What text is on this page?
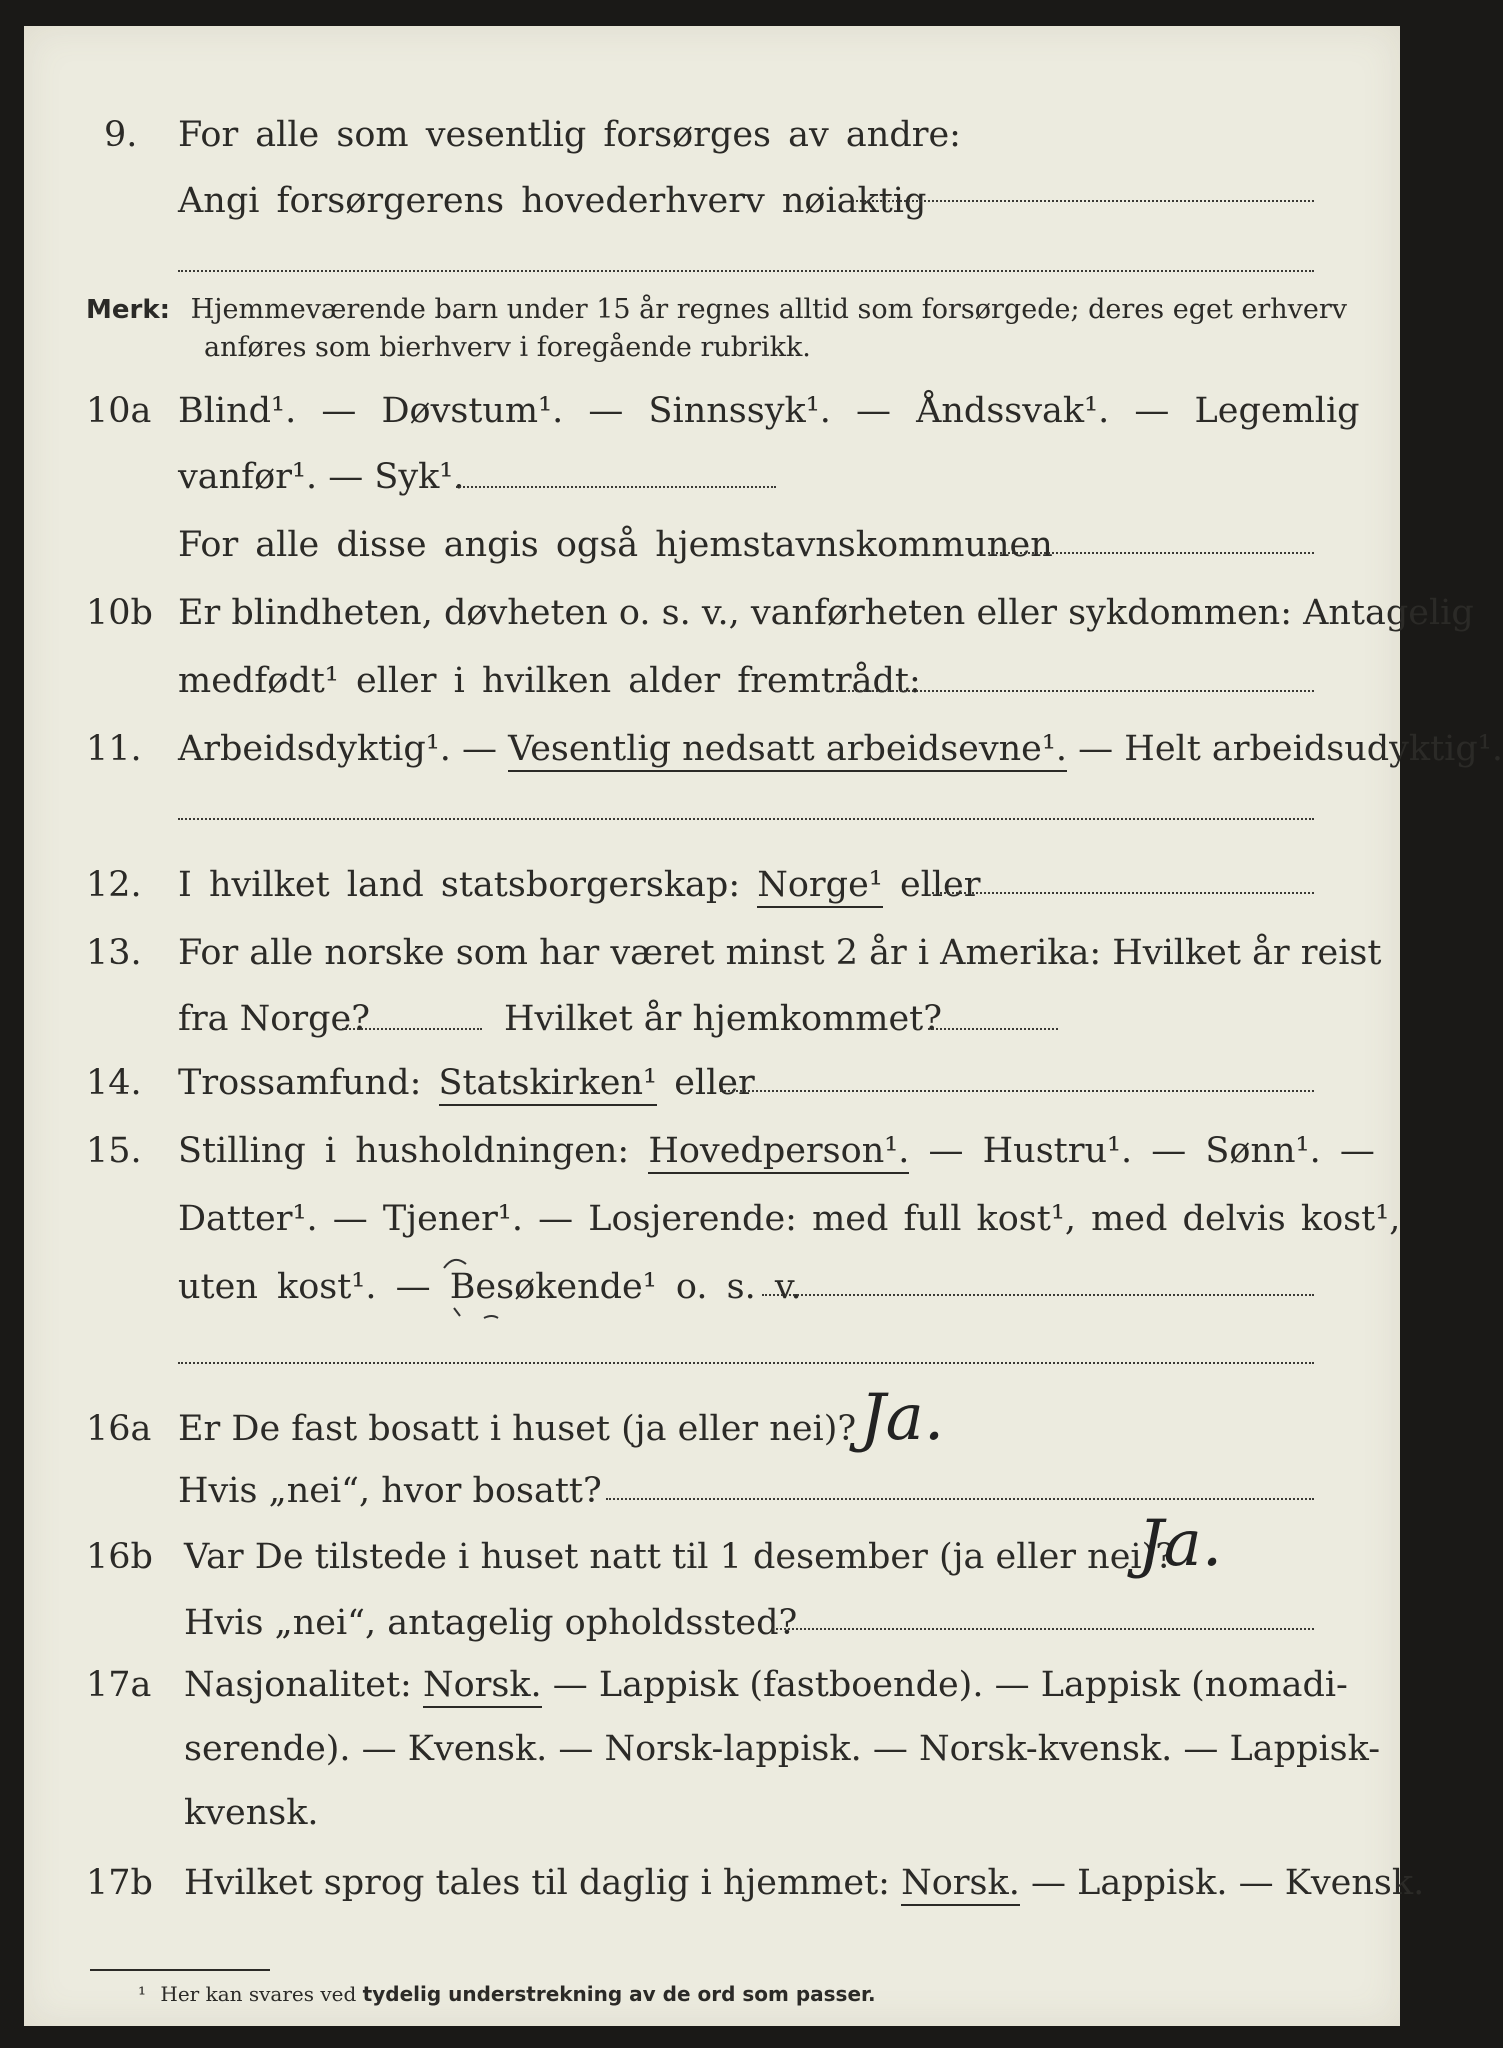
9. For alle som vesentlig forsørges av andre:
Angi forsørgerens hovederhverv nøiaktig
Merk: Hjemmeværende barn under 15 år regnes alltid som forsørgede; deres eget erhverv
anføres som bierhverv i foregående rubrikk.
10a Blind¹. — Døvstum¹. — Sinnssyk¹. — Åndssvak¹. — Legemlig
vanfør¹. — Syk¹.
For alle disse angis også hjemstavnskommunen
10b Er blindheten, døvheten o. s. v., vanførheten eller sykdommen: Antagelig
medfødt¹ eller i hvilken alder fremtrådt:
11. Arbeidsdyktig¹. — Vesentlig nedsatt arbeidsevne¹. — Helt arbeidsudyktig¹.
12. I hvilket land statsborgerskap: Norge¹ eller
13. For alle norske som har været minst 2 år i Amerika: Hvilket år reist
fra Norge?	Hvilket år hjemkommet?
14. Trossamfund: Statskirken¹ eller
15. Stilling i husholdningen: Hovedperson¹. — Hustru¹. — Sønn¹. —
Datter¹. — Tjener¹. — Losjerende: med full kost¹, med delvis kost¹,
uten kost¹. — Besøkende¹ o. s. v.
16a Er De fast bosatt i huset (ja eller nei)? Ja.
Hvis „nei“, hvor bosatt?
16b Var De tilstede i huset natt til 1 desember (ja eller nei)?
Ja.
Hvis „nei“, antagelig opholdssted?
17a Nasjonalitet: Norsk. — Lappisk (fastboende). — Lappisk (nomadi-
serende). — Kvensk. — Norsk-lappisk. — Norsk-kvensk. — Lappisk-
kvensk.
17b Hvilket sprog tales til daglig i hjemmet: Norsk. — Lappisk. — Kvensk.
¹ Her kan svares ved tydelig understrekning av de ord som passer.
